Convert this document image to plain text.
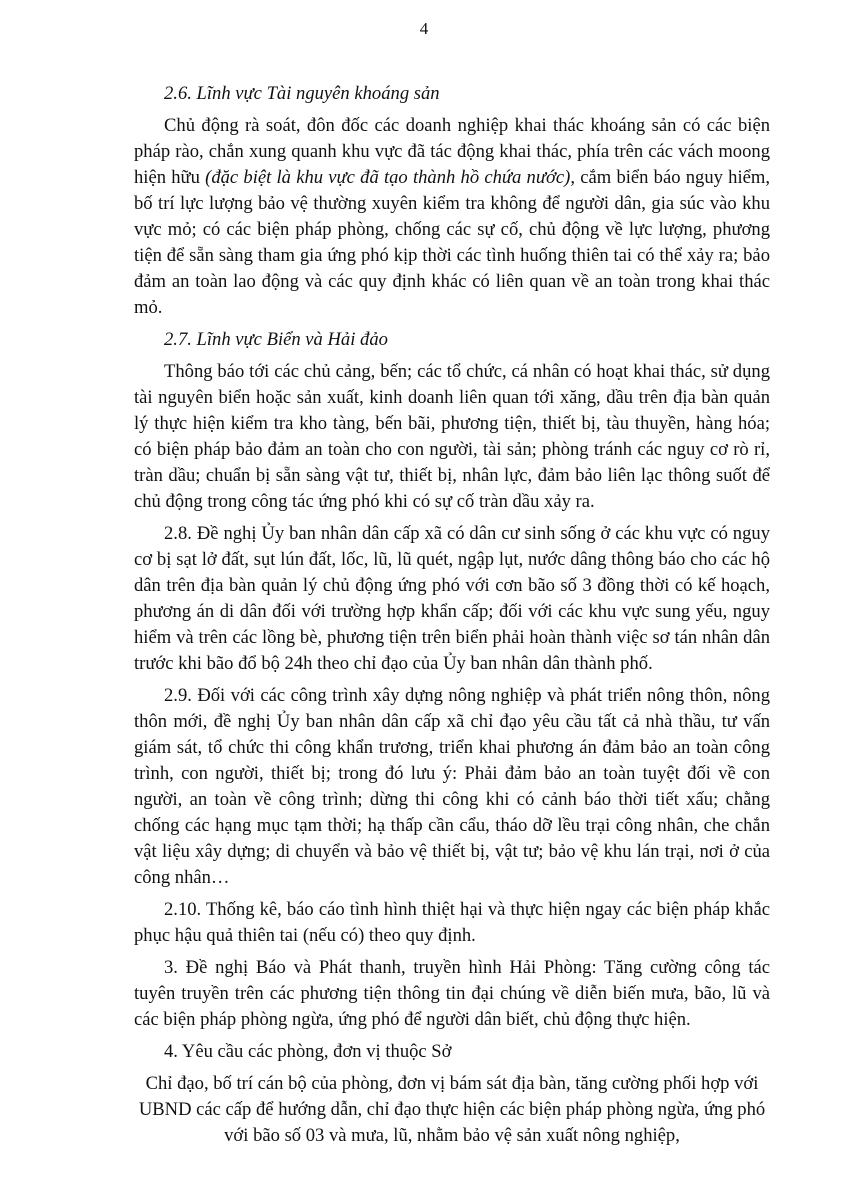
4

2.6. Lĩnh vực Tài nguyên khoáng sản

Chủ động rà soát, đôn đốc các doanh nghiệp khai thác khoáng sản có các biện pháp rào, chắn xung quanh khu vực đã tác động khai thác, phía trên các vách moong hiện hữu (đặc biệt là khu vực đã tạo thành hồ chứa nước), cắm biển báo nguy hiểm, bố trí lực lượng bảo vệ thường xuyên kiểm tra không để người dân, gia súc vào khu vực mỏ; có các biện pháp phòng, chống các sự cố, chủ động về lực lượng, phương tiện để sẵn sàng tham gia ứng phó kịp thời các tình huống thiên tai có thể xảy ra; bảo đảm an toàn lao động và các quy định khác có liên quan về an toàn trong khai thác mỏ.

2.7. Lĩnh vực Biển và Hải đảo

Thông báo tới các chủ cảng, bến; các tổ chức, cá nhân có hoạt khai thác, sử dụng tài nguyên biển hoặc sản xuất, kinh doanh liên quan tới xăng, dầu trên địa bàn quản lý thực hiện kiểm tra kho tàng, bến bãi, phương tiện, thiết bị, tàu thuyền, hàng hóa; có biện pháp bảo đảm an toàn cho con người, tài sản; phòng tránh các nguy cơ rò rỉ, tràn dầu; chuẩn bị sẵn sàng vật tư, thiết bị, nhân lực, đảm bảo liên lạc thông suốt để chủ động trong công tác ứng phó khi có sự cố tràn dầu xảy ra.

2.8. Đề nghị Ủy ban nhân dân cấp xã có dân cư sinh sống ở các khu vực có nguy cơ bị sạt lở đất, sụt lún đất, lốc, lũ, lũ quét, ngập lụt, nước dâng thông báo cho các hộ dân trên địa bàn quản lý chủ động ứng phó với cơn bão số 3 đồng thời có kế hoạch, phương án di dân đối với trường hợp khẩn cấp; đối với các khu vực sung yếu, nguy hiểm và trên các lồng bè, phương tiện trên biển phải hoàn thành việc sơ tán nhân dân trước khi bão đổ bộ 24h theo chỉ đạo của Ủy ban nhân dân thành phố.

2.9. Đối với các công trình xây dựng nông nghiệp và phát triển nông thôn, nông thôn mới, đề nghị Ủy ban nhân dân cấp xã chỉ đạo yêu cầu tất cả nhà thầu, tư vấn giám sát, tổ chức thi công khẩn trương, triển khai phương án đảm bảo an toàn công trình, con người, thiết bị; trong đó lưu ý: Phải đảm bảo an toàn tuyệt đối về con người, an toàn về công trình; dừng thi công khi có cảnh báo thời tiết xấu; chằng chống các hạng mục tạm thời; hạ thấp cần cẩu, tháo dỡ lều trại công nhân, che chắn vật liệu xây dựng; di chuyển và bảo vệ thiết bị, vật tư; bảo vệ khu lán trại, nơi ở của công nhân…

2.10. Thống kê, báo cáo tình hình thiệt hại và thực hiện ngay các biện pháp khắc phục hậu quả thiên tai (nếu có) theo quy định.

3. Đề nghị Báo và Phát thanh, truyền hình Hải Phòng: Tăng cường công tác tuyên truyền trên các phương tiện thông tin đại chúng về diễn biến mưa, bão, lũ và các biện pháp phòng ngừa, ứng phó để người dân biết, chủ động thực hiện.

4. Yêu cầu các phòng, đơn vị thuộc Sở

Chỉ đạo, bố trí cán bộ của phòng, đơn vị bám sát địa bàn, tăng cường phối hợp với UBND các cấp để hướng dẫn, chỉ đạo thực hiện các biện pháp phòng ngừa, ứng phó với bão số 03 và mưa, lũ, nhằm bảo vệ sản xuất nông nghiệp,
